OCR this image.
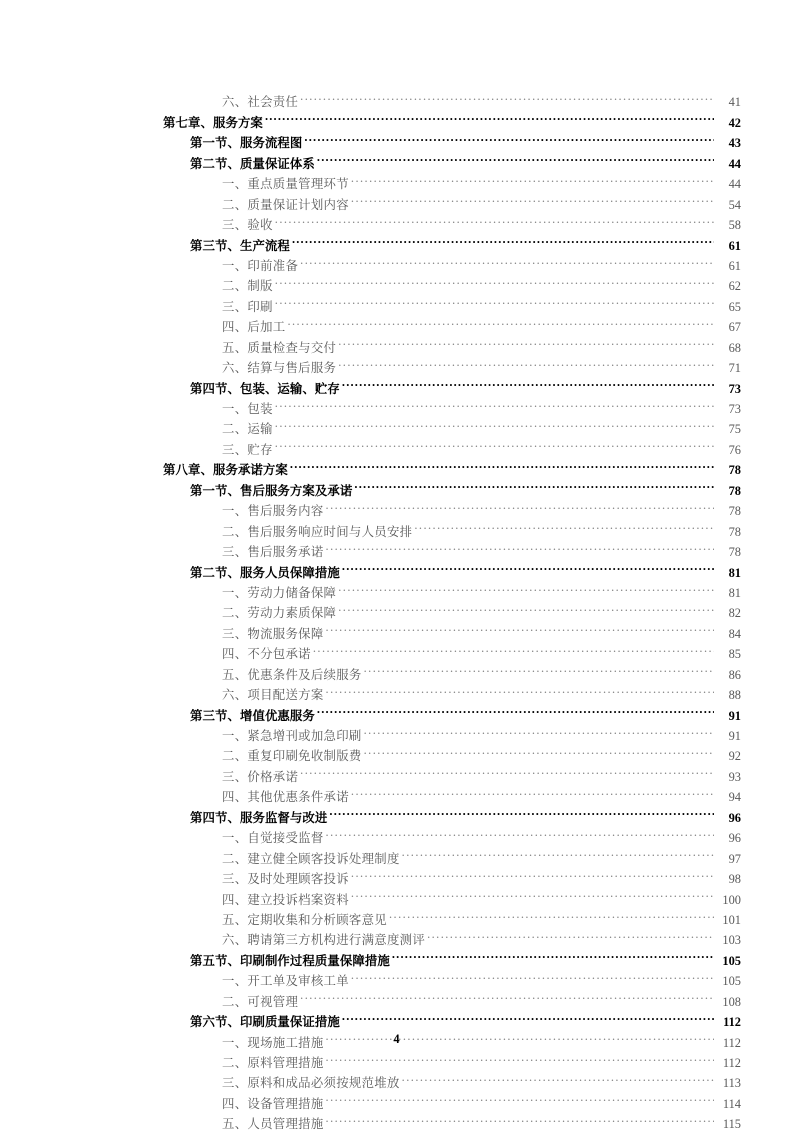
六、社会责任 .....	41
第七章、服务方案 .....	42
第一节、服务流程图 .....	43
第二节、质量保证体系 .....	44
一、重点质量管理环节 .....	44
二、质量保证计划内容 .....	54
三、验收 .....	58
第三节、生产流程 .....	61
一、印前准备 .....	61
二、制版 .....	62
三、印刷 .....	65
四、后加工 .....	67
五、质量检查与交付 .....	68
六、结算与售后服务 .....	71
第四节、包装、运输、贮存 .....	73
一、包装 .....	73
二、运输 .....	75
三、贮存 .....	76
第八章、服务承诺方案 .....	78
第一节、售后服务方案及承诺 .....	78
一、售后服务内容 .....	78
二、售后服务响应时间与人员安排 .....	78
三、售后服务承诺 .....	78
第二节、服务人员保障措施 .....	81
一、劳动力储备保障 .....	81
二、劳动力素质保障 .....	82
三、物流服务保障 .....	84
四、不分包承诺 .....	85
五、优惠条件及后续服务 .....	86
六、项目配送方案 .....	88
第三节、增值优惠服务 .....	91
一、紧急增刊或加急印刷 .....	91
二、重复印刷免收制版费 .....	92
三、价格承诺 .....	93
四、其他优惠条件承诺 .....	94
第四节、服务监督与改进 .....	96
一、自觉接受监督 .....	96
二、建立健全顾客投诉处理制度 .....	97
三、及时处理顾客投诉 .....	98
四、建立投诉档案资料 .....	100
五、定期收集和分析顾客意见 .....	101
六、聘请第三方机构进行满意度测评 .....	103
第五节、印刷制作过程质量保障措施 .....	105
一、开工单及审核工单 .....	105
二、可视管理 .....	108
第六节、印刷质量保证措施 .....	112
一、现场施工措施 .....	112
二、原料管理措施 .....	112
三、原料和成品必须按规范堆放 .....	113
四、设备管理措施 .....	114
五、人员管理措施 .....	115
4
